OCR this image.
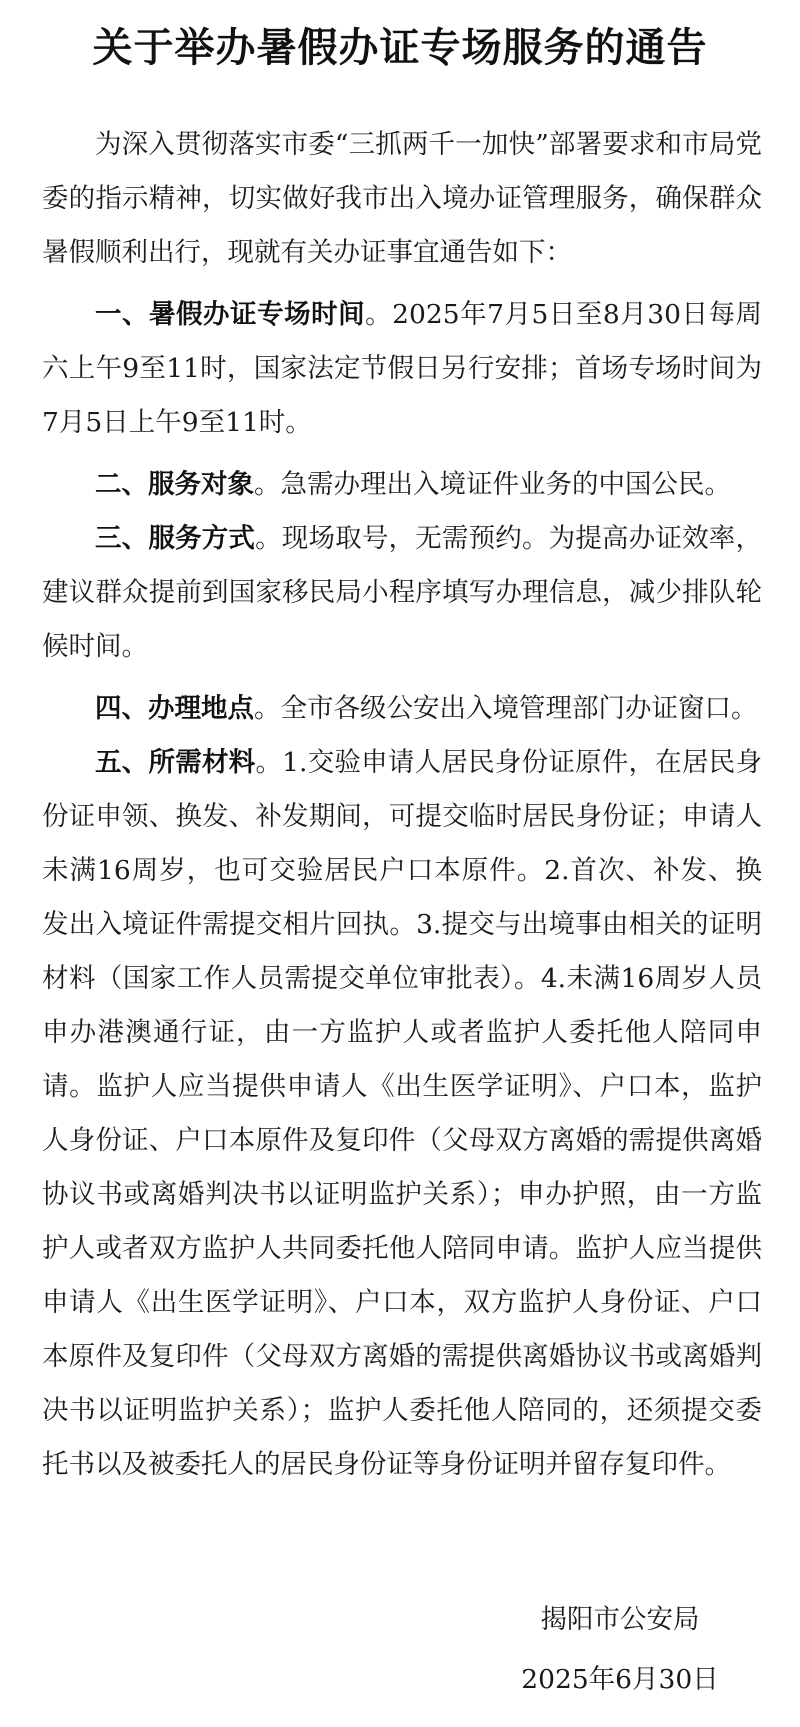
关于举办暑假办证专场服务的通告

为深入贯彻落实市委“三抓两千一加快”部署要求和市局党委的指示精神，切实做好我市出入境办证管理服务，确保群众暑假顺利出行，现就有关办证事宜通告如下：

一、暑假办证专场时间。2025年7月5日至8月30日每周六上午9至11时，国家法定节假日另行安排；首场专场时间为7月5日上午9至11时。

二、服务对象。急需办理出入境证件业务的中国公民。

三、服务方式。现场取号，无需预约。为提高办证效率，建议群众提前到国家移民局小程序填写办理信息，减少排队轮候时间。

四、办理地点。全市各级公安出入境管理部门办证窗口。

五、所需材料。1.交验申请人居民身份证原件，在居民身份证申领、换发、补发期间，可提交临时居民身份证；申请人未满16周岁，也可交验居民户口本原件。2.首次、补发、换发出入境证件需提交相片回执。3.提交与出境事由相关的证明材料（国家工作人员需提交单位审批表）。4.未满16周岁人员申办港澳通行证，由一方监护人或者监护人委托他人陪同申请。监护人应当提供申请人《出生医学证明》、户口本，监护人身份证、户口本原件及复印件（父母双方离婚的需提供离婚协议书或离婚判决书以证明监护关系）；申办护照，由一方监护人或者双方监护人共同委托他人陪同申请。监护人应当提供申请人《出生医学证明》、户口本，双方监护人身份证、户口本原件及复印件（父母双方离婚的需提供离婚协议书或离婚判决书以证明监护关系）；监护人委托他人陪同的，还须提交委托书以及被委托人的居民身份证等身份证明并留存复印件。

揭阳市公安局
2025年6月30日
